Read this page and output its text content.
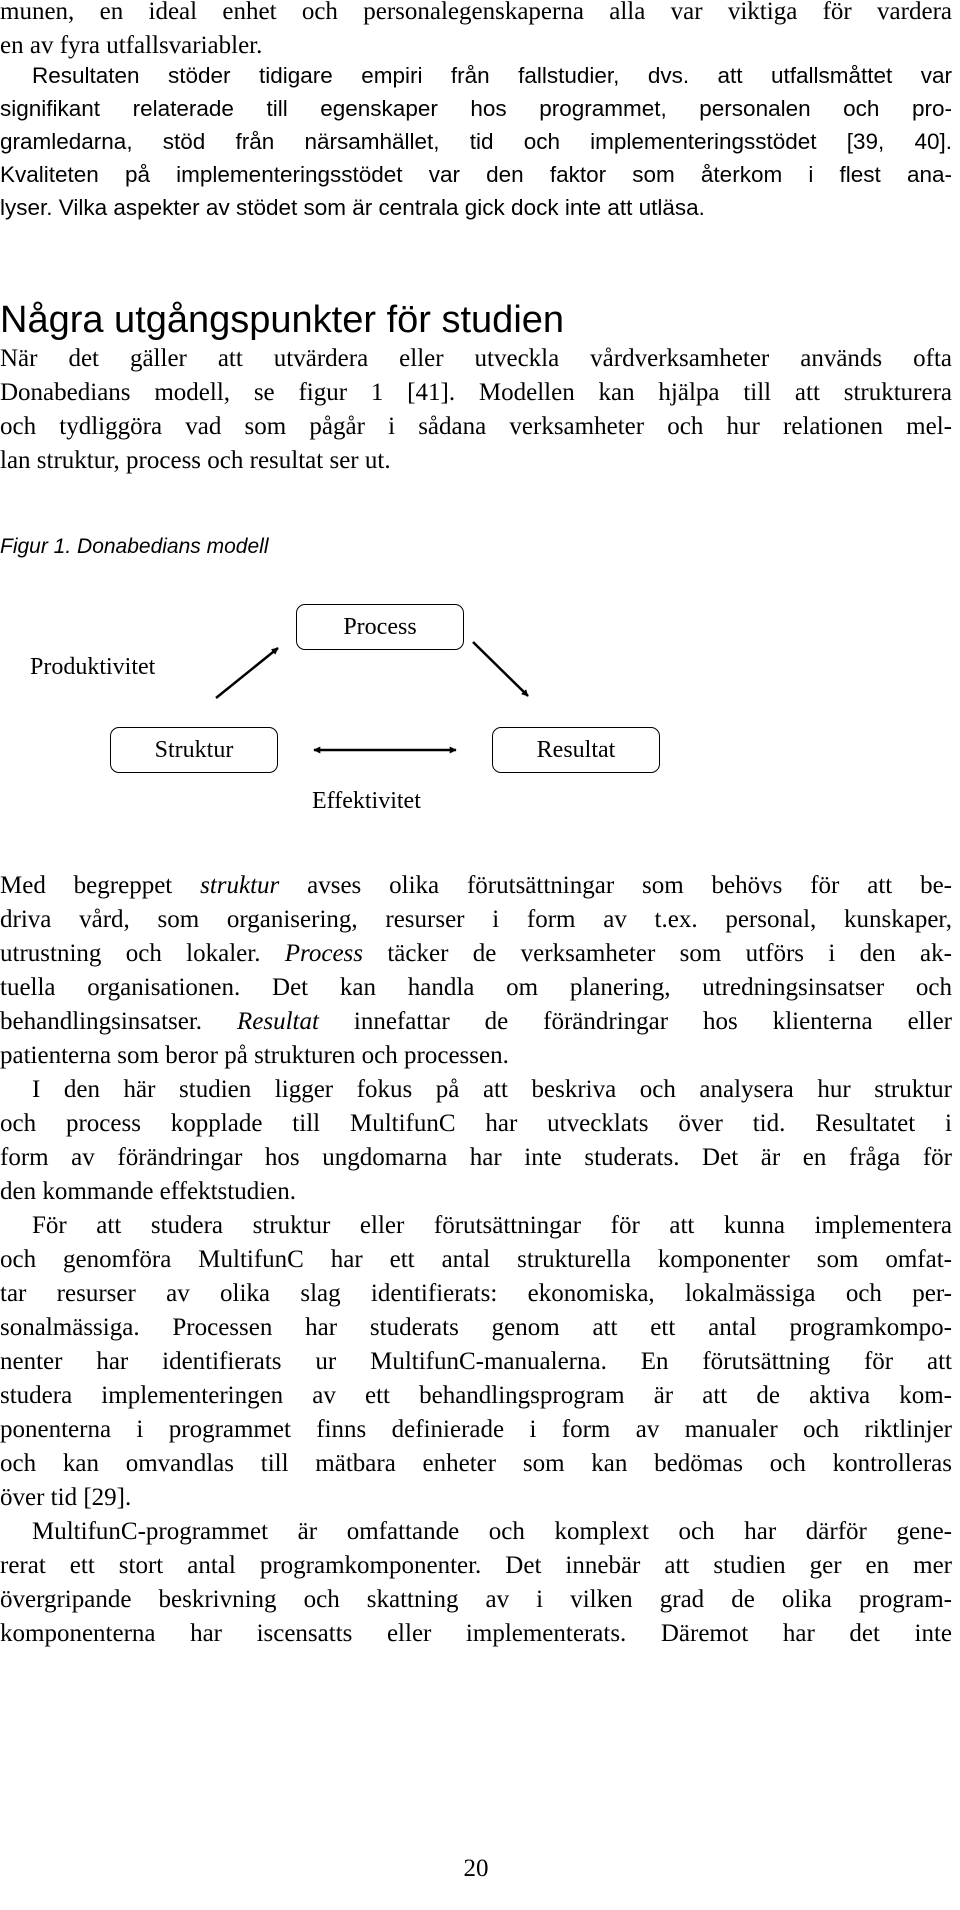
munen, en ideal enhet och personalegenskaperna alla var viktiga för vardera
en av fyra utfallsvariabler.
Resultaten stöder tidigare empiri från fallstudier, dvs. att utfallsmåttet var
signifikant relaterade till egenskaper hos programmet, personalen och pro-
gramledarna, stöd från närsamhället, tid och implementeringsstödet [39, 40].
Kvaliteten på implementeringsstödet var den faktor som återkom i flest ana-
lyser. Vilka aspekter av stödet som är centrala gick dock inte att utläsa.
Några utgångspunkter för studien
När det gäller att utvärdera eller utveckla vårdverksamheter används ofta
Donabedians modell, se figur 1 [41]. Modellen kan hjälpa till att strukturera
och tydliggöra vad som pågår i sådana verksamheter och hur relationen mel-
lan struktur, process och resultat ser ut.
Figur 1. Donabedians modell
Process
Struktur	Resultat
Produktivitet
Effektivitet
Med begreppet struktur avses olika förutsättningar som behövs för att be-
driva vård, som organisering, resurser i form av t.ex. personal, kunskaper,
utrustning och lokaler. Process täcker de verksamheter som utförs i den ak-
tuella organisationen. Det kan handla om planering, utredningsinsatser och
behandlingsinsatser. Resultat innefattar de förändringar hos klienterna eller
patienterna som beror på strukturen och processen.
I den här studien ligger fokus på att beskriva och analysera hur struktur
och process kopplade till MultifunC har utvecklats över tid. Resultatet i
form av förändringar hos ungdomarna har inte studerats. Det är en fråga för
den kommande effektstudien.
För att studera struktur eller förutsättningar för att kunna implementera
och genomföra MultifunC har ett antal strukturella komponenter som omfat-
tar resurser av olika slag identifierats: ekonomiska, lokalmässiga och per-
sonalmässiga. Processen har studerats genom att ett antal programkompo-
nenter har identifierats ur MultifunC-manualerna. En förutsättning för att
studera implementeringen av ett behandlingsprogram är att de aktiva kom-
ponenterna i programmet finns definierade i form av manualer och riktlinjer
och kan omvandlas till mätbara enheter som kan bedömas och kontrolleras
över tid [29].
MultifunC-programmet är omfattande och komplext och har därför gene-
rerat ett stort antal programkomponenter. Det innebär att studien ger en mer
övergripande beskrivning och skattning av i vilken grad de olika program-
komponenterna har iscensatts eller implementerats. Däremot har det inte
20
